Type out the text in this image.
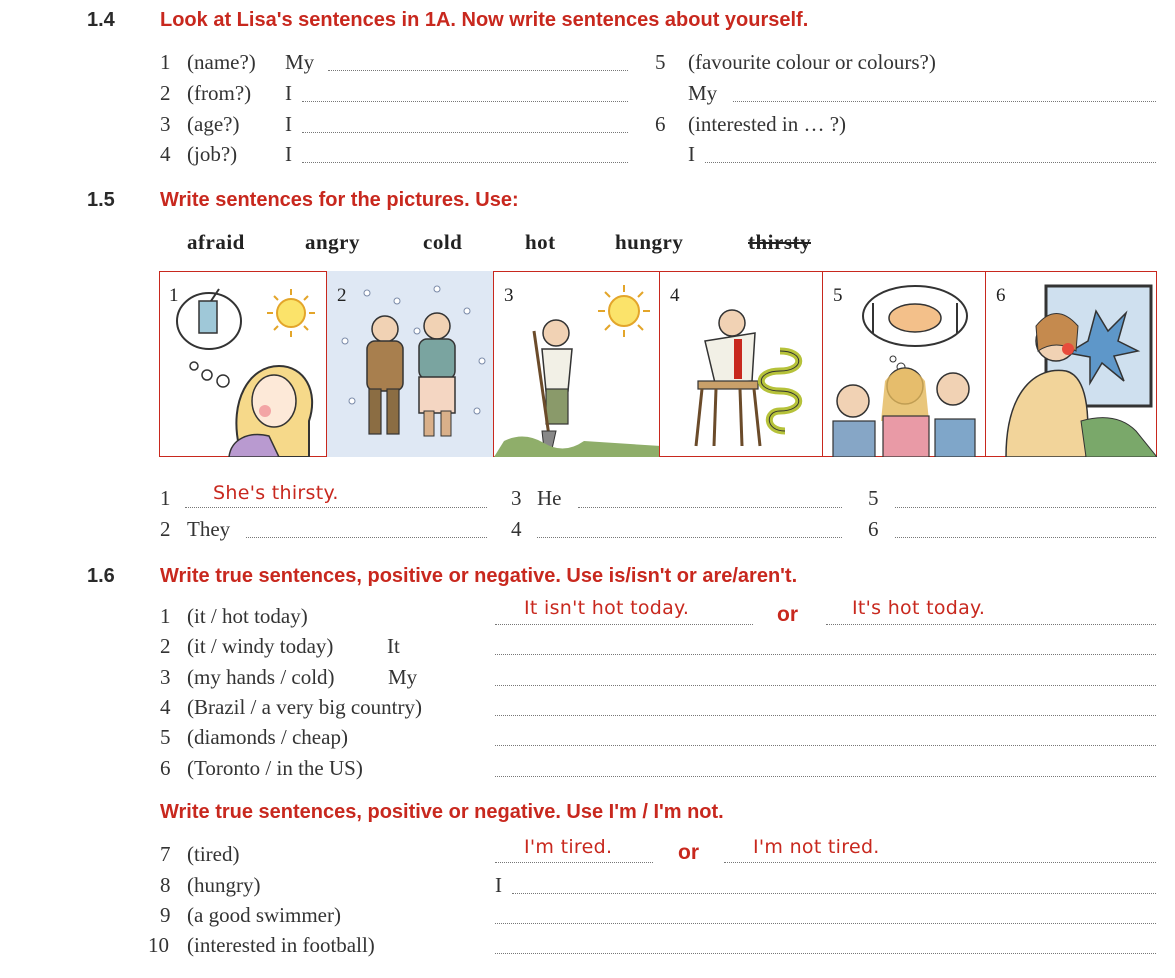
1.4 Look at Lisa's sentences in 1A. Now write sentences about yourself.
1 (name?) My
2 (from?) I
3 (age?) I
4 (job?) I
5 (favourite colour or colours?)
My
6 (interested in … ?)
I
1.5 Write sentences for the pictures. Use:
afraid	angry	cold	hot	hungry	thirsty
1	2	3	4	5	6
1 She's thirsty.
2 They
3 He
4
5
6
1.6 Write true sentences, positive or negative. Use is/isn't or are/aren't.
1 (it / hot today)	It isn't hot today.	or	It's hot today.
2 (it / windy today)	It
3 (my hands / cold)	My
4 (Brazil / a very big country)
5 (diamonds / cheap)
6 (Toronto / in the US)
Write true sentences, positive or negative. Use I'm / I'm not.
7 (tired)	I'm tired.	or	I'm not tired.
8 (hungry)	I
9 (a good swimmer)
10 (interested in football)
